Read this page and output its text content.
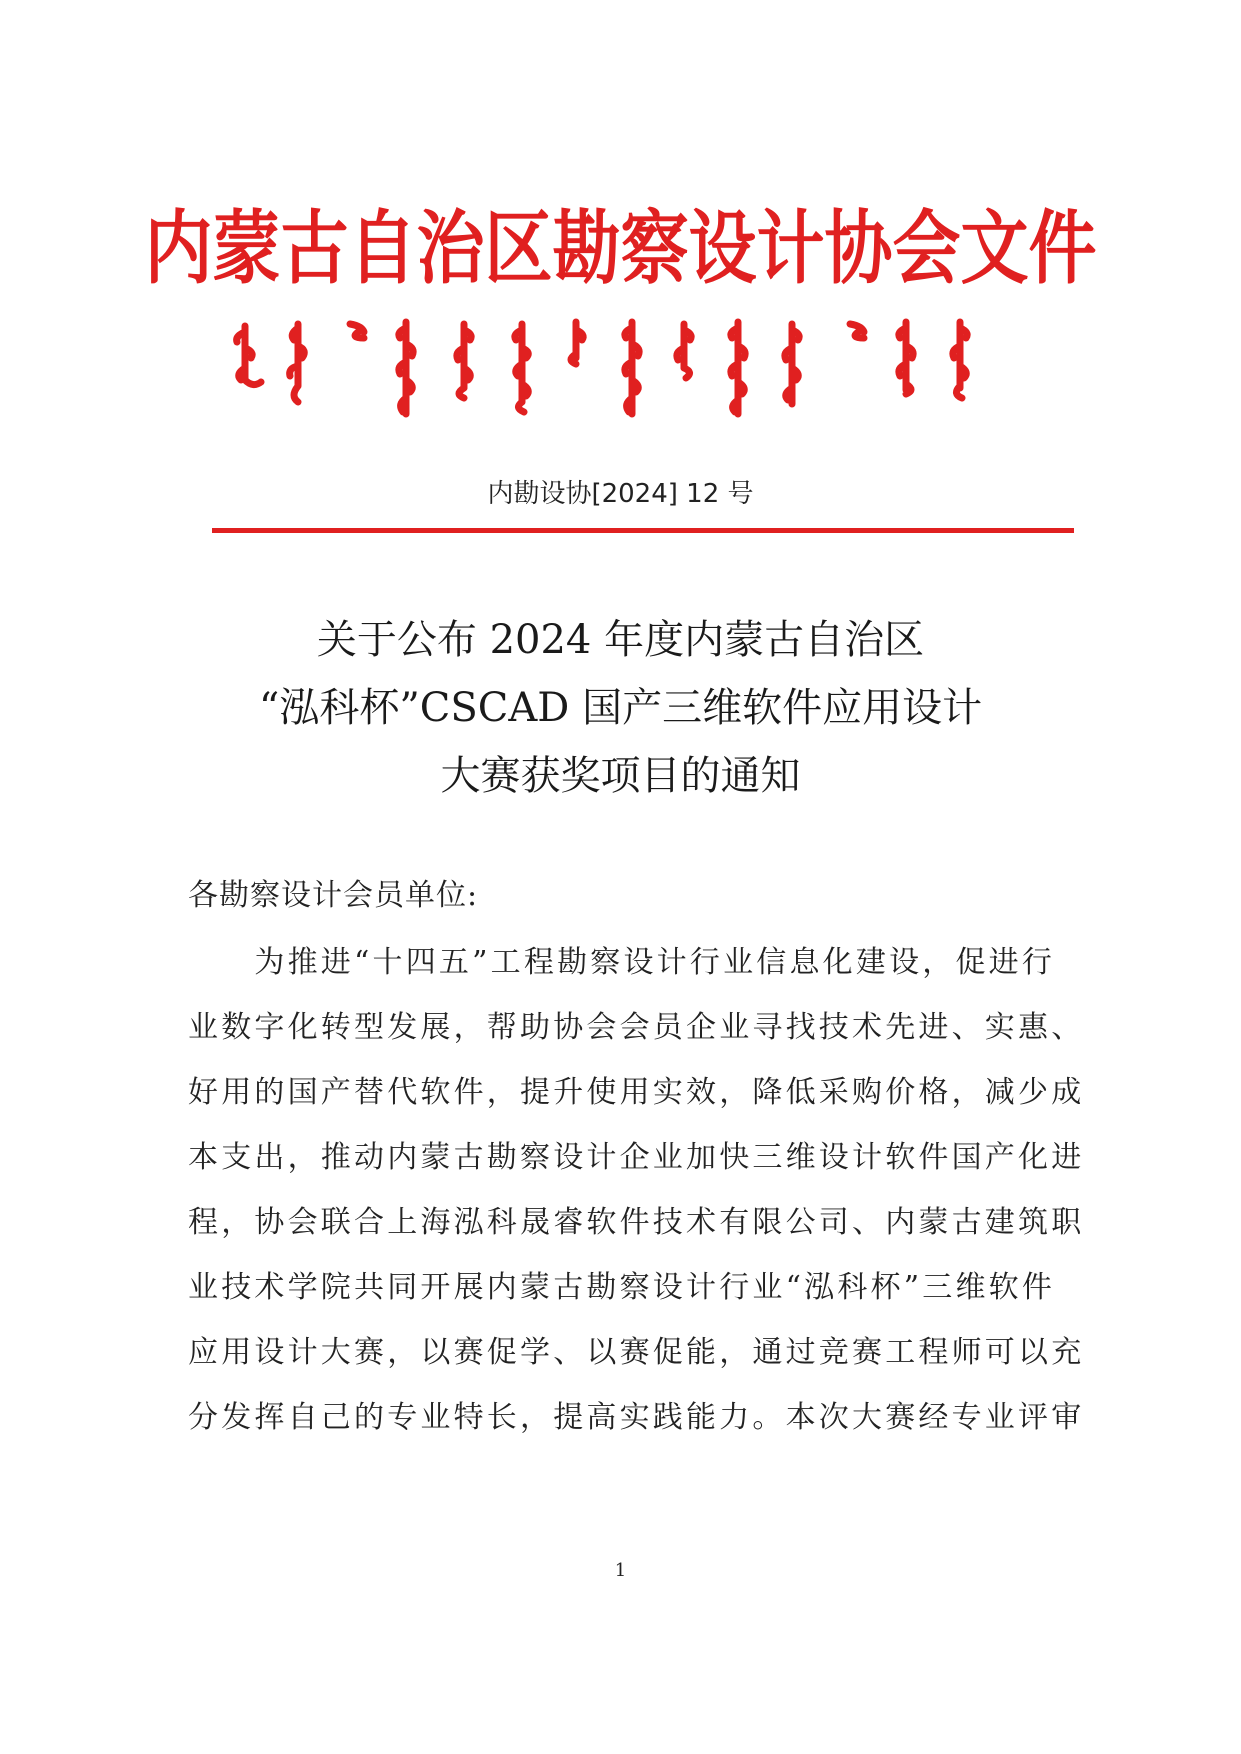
内蒙古自治区勘察设计协会文件
内勘设协[2024] 12 号
关于公布 2024 年度内蒙古自治区
“泓科杯”CSCAD 国产三维软件应用设计
大赛获奖项目的通知
各勘察设计会员单位:
　　为推进“十四五”工程勘察设计行业信息化建设，促进行
业数字化转型发展，帮助协会会员企业寻找技术先进、实惠、
好用的国产替代软件，提升使用实效，降低采购价格，减少成
本支出，推动内蒙古勘察设计企业加快三维设计软件国产化进
程，协会联合上海泓科晟睿软件技术有限公司、内蒙古建筑职
业技术学院共同开展内蒙古勘察设计行业“泓科杯”三维软件
应用设计大赛，以赛促学、以赛促能，通过竞赛工程师可以充
分发挥自己的专业特长，提高实践能力。本次大赛经专业评审
1
